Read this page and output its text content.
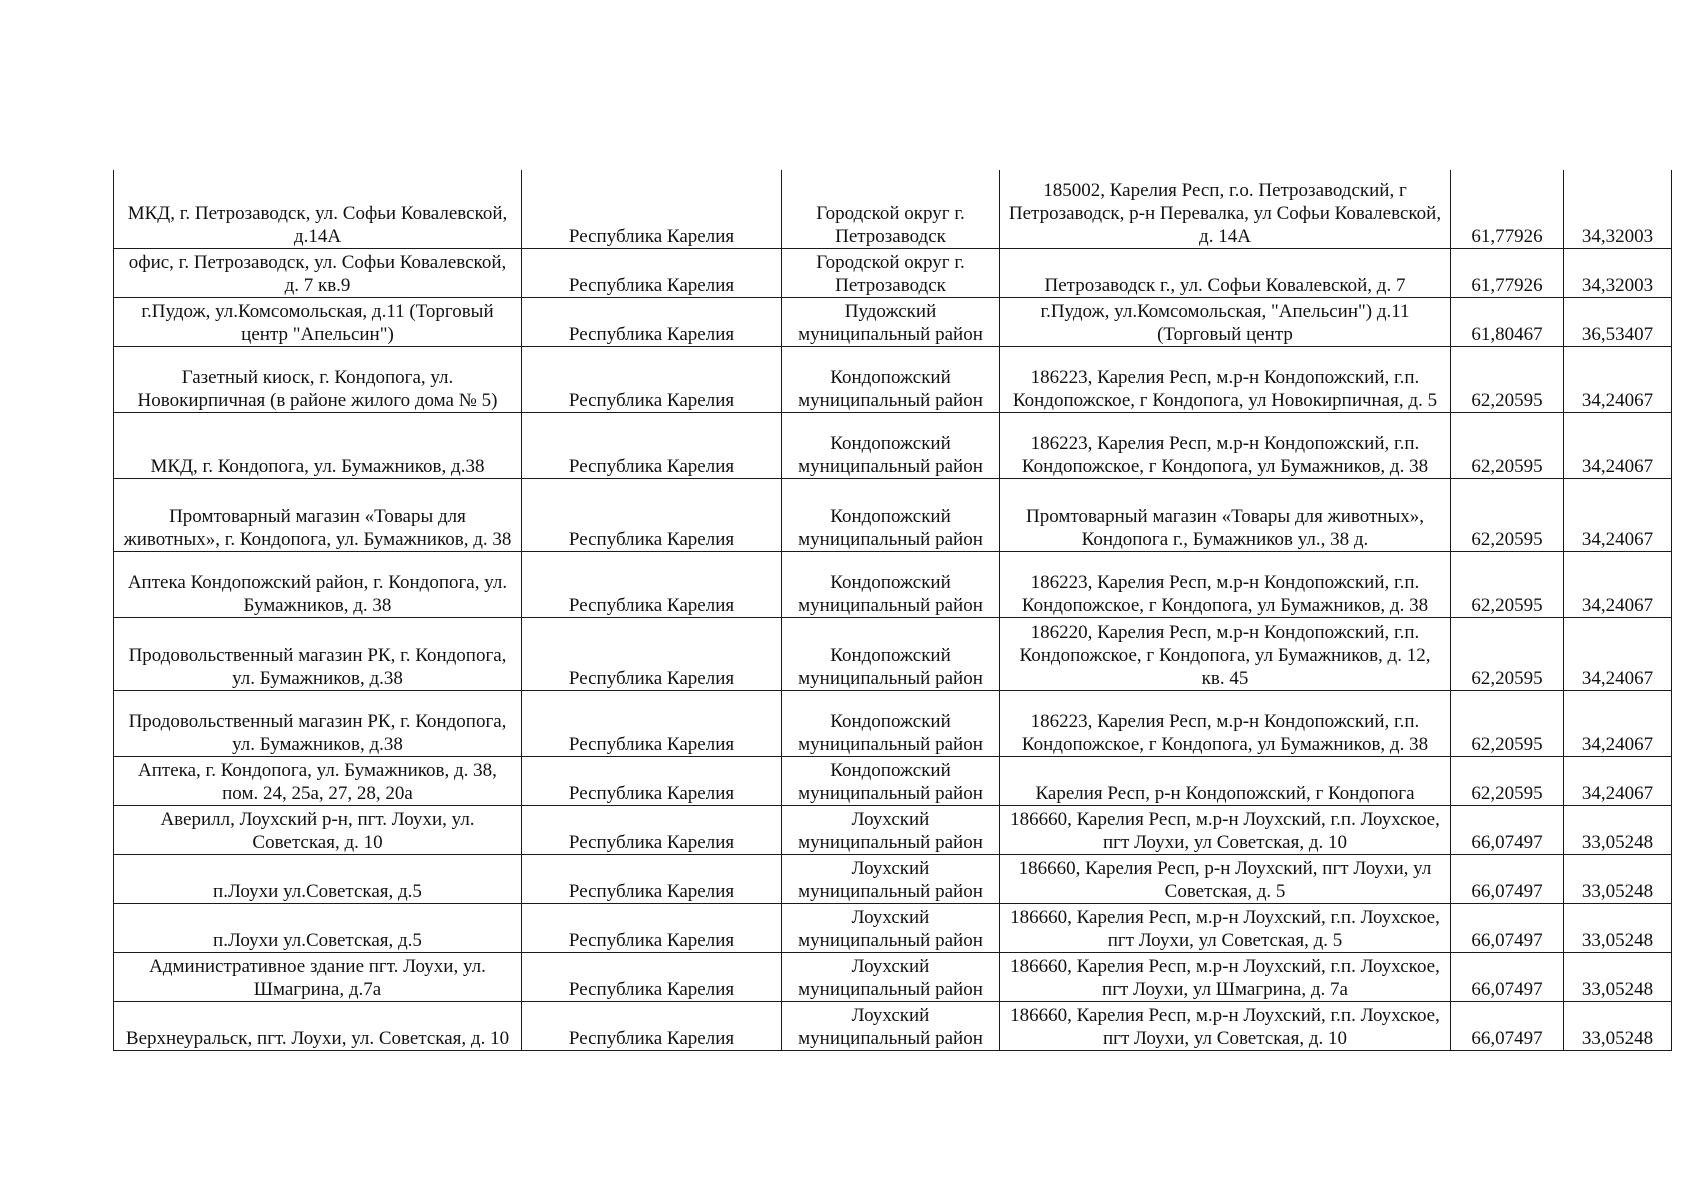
МКД, г. Петрозаводск, ул. Софьи Ковалевской, д.14А	Республика Карелия	Городской округ г. Петрозаводск	185002, Карелия Респ, г.о. Петрозаводский, г Петрозаводск, р-н Перевалка, ул Софьи Ковалевской, д. 14А	61,77926	34,32003
офис, г. Петрозаводск, ул. Софьи Ковалевской, д. 7 кв.9	Республика Карелия	Городской округ г. Петрозаводск	Петрозаводск г., ул. Софьи Ковалевской, д. 7	61,77926	34,32003
г.Пудож, ул.Комсомольская, д.11 (Торговый центр "Апельсин")	Республика Карелия	Пудожский муниципальный район	г.Пудож, ул.Комсомольская, "Апельсин") д.11 (Торговый центр	61,80467	36,53407
Газетный киоск, г. Кондопога, ул. Новокирпичная (в районе жилого дома № 5)	Республика Карелия	Кондопожский муниципальный район	186223, Карелия Респ, м.р-н Кондопожский, г.п. Кондопожское, г Кондопога, ул Новокирпичная, д. 5	62,20595	34,24067
МКД, г. Кондопога, ул. Бумажников, д.38	Республика Карелия	Кондопожский муниципальный район	186223, Карелия Респ, м.р-н Кондопожский, г.п. Кондопожское, г Кондопога, ул Бумажников, д. 38	62,20595	34,24067
Промтоварный магазин «Товары для животных», г. Кондопога, ул. Бумажников, д. 38	Республика Карелия	Кондопожский муниципальный район	Промтоварный магазин «Товары для животных», Кондопога г., Бумажников ул., 38 д.	62,20595	34,24067
Аптека Кондопожский район, г. Кондопога, ул. Бумажников, д. 38	Республика Карелия	Кондопожский муниципальный район	186223, Карелия Респ, м.р-н Кондопожский, г.п. Кондопожское, г Кондопога, ул Бумажников, д. 38	62,20595	34,24067
Продовольственный магазин РК, г. Кондопога, ул. Бумажников, д.38	Республика Карелия	Кондопожский муниципальный район	186220, Карелия Респ, м.р-н Кондопожский, г.п. Кондопожское, г Кондопога, ул Бумажников, д. 12, кв. 45	62,20595	34,24067
Продовольственный магазин РК, г. Кондопога, ул. Бумажников, д.38	Республика Карелия	Кондопожский муниципальный район	186223, Карелия Респ, м.р-н Кондопожский, г.п. Кондопожское, г Кондопога, ул Бумажников, д. 38	62,20595	34,24067
Аптека, г. Кондопога, ул. Бумажников, д. 38, пом. 24, 25а, 27, 28, 20а	Республика Карелия	Кондопожский муниципальный район	Карелия Респ, р-н Кондопожский, г Кондопога	62,20595	34,24067
Аверилл, Лоухский р-н, пгт. Лоухи, ул. Советская, д. 10	Республика Карелия	Лоухский муниципальный район	186660, Карелия Респ, м.р-н Лоухский, г.п. Лоухское, пгт Лоухи, ул Советская, д. 10	66,07497	33,05248
п.Лоухи ул.Советская, д.5	Республика Карелия	Лоухский муниципальный район	186660, Карелия Респ, р-н Лоухский, пгт Лоухи, ул Советская, д. 5	66,07497	33,05248
п.Лоухи ул.Советская, д.5	Республика Карелия	Лоухский муниципальный район	186660, Карелия Респ, м.р-н Лоухский, г.п. Лоухское, пгт Лоухи, ул Советская, д. 5	66,07497	33,05248
Административное здание пгт. Лоухи, ул. Шмагрина, д.7а	Республика Карелия	Лоухский муниципальный район	186660, Карелия Респ, м.р-н Лоухский, г.п. Лоухское, пгт Лоухи, ул Шмагрина, д. 7а	66,07497	33,05248
Верхнеуральск, пгт. Лоухи, ул. Советская, д. 10	Республика Карелия	Лоухский муниципальный район	186660, Карелия Респ, м.р-н Лоухский, г.п. Лоухское, пгт Лоухи, ул Советская, д. 10	66,07497	33,05248
